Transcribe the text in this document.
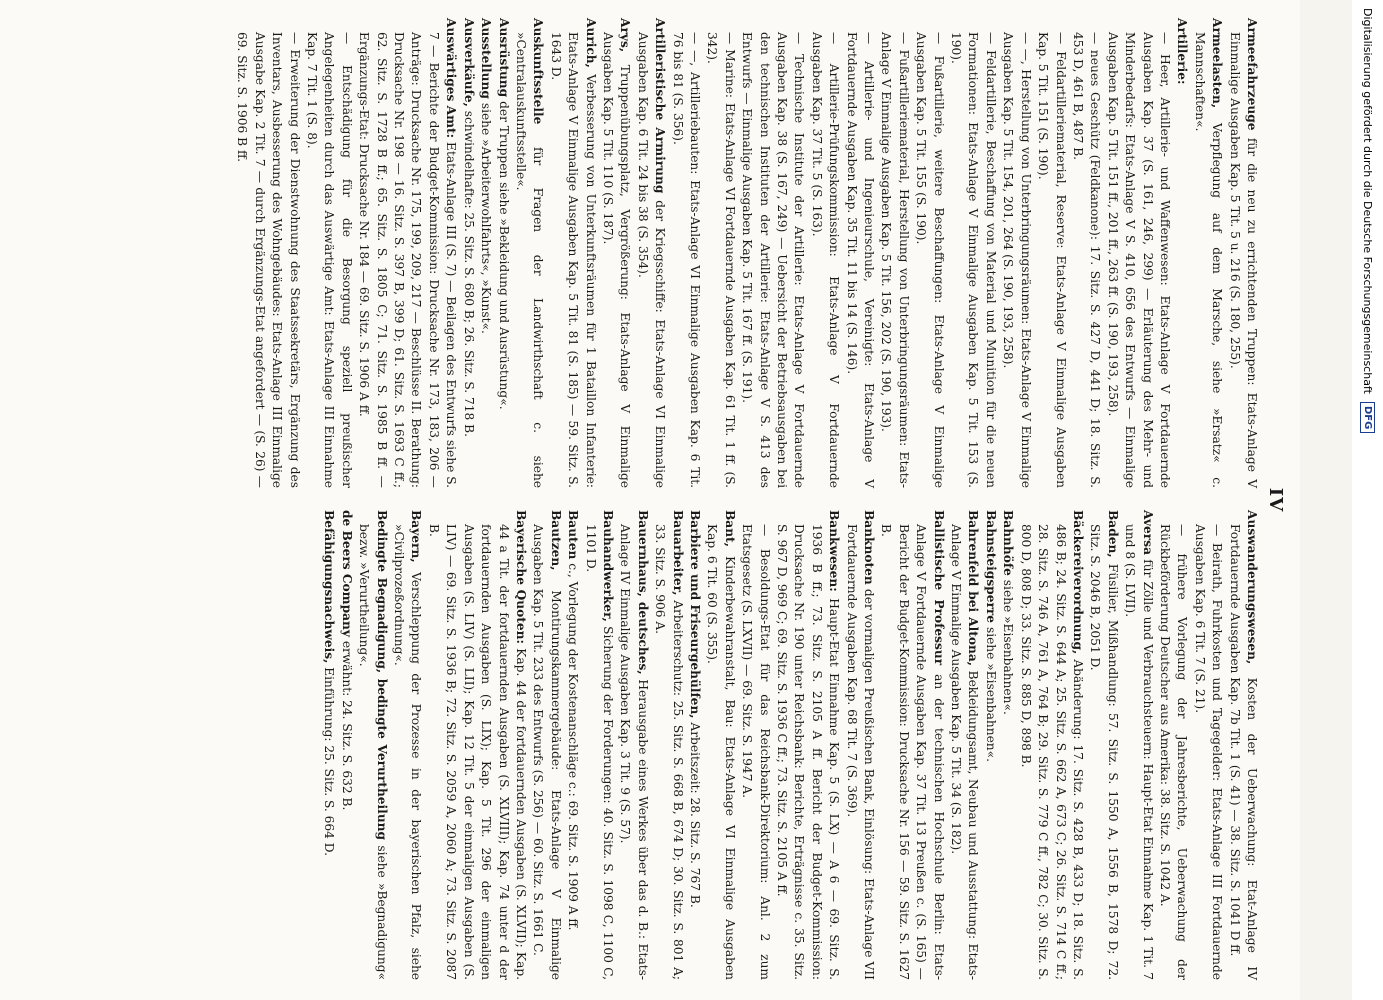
IV

Armeefahrzeuge für die neu zu errichtenden Truppen: Etats-Anlage V Einmalige Ausgaben Kap. 5 Tit. 5 u. 216 (S. 180, 255).

Armeelasten, Verpflegung auf dem Marsche, siehe »Ersatz« c. Mannschaften«.

Artillerie:

— Heer, Artillerie- und Waffenwesen: Etats-Anlage V Fortdauernde Ausgaben Kap. 37 (S. 161, 246, 299) — Erläuterung des Mehr- und Minderbedarfs: Etats-Anlage V S. 410, 656 des Entwurfs — Einmalige Ausgaben Kap. 5 Tit. 151 ff., 201 ff., 263 ff. (S. 190, 193, 258).

— neues Geschütz (Feldkanone): 17. Sitz. S. 427 D, 441 D; 18. Sitz. S. 453 D, 461 B, 487 B.

— Feldartilleriematerial, Reserve: Etats-Anlage V Einmalige Ausgaben Kap. 5 Tit. 151 (S. 190).

— —, Herstellung von Unterbringungsräumen: Etats-Anlage V Einmalige Ausgaben Kap. 5 Tit. 154, 201, 264 (S. 190, 193, 258).

— Feldartillerie, Beschaffung von Material und Munition für die neuen Formationen: Etats-Anlage V Einmalige Ausgaben Kap. 5 Tit. 153 (S. 190).

— Fußartillerie, weitere Beschaffungen: Etats-Anlage V Einmalige Ausgaben Kap. 5 Tit. 155 (S. 190).

— Fußartilleriematerial, Herstellung von Unterbringungsräumen: Etats-Anlage V Einmalige Ausgaben Kap. 5 Tit. 156, 202 (S. 190, 193).

— Artillerie- und Ingenieurschule, Vereinigte: Etats-Anlage V Fortdauernde Ausgaben Kap. 35 Tit. 11 bis 14 (S. 146).

— Artillerie-Prüfungskommission: Etats-Anlage V Fortdauernde Ausgaben Kap. 37 Tit. 5 (S. 163).

— Technische Institute der Artillerie: Etats-Anlage V Fortdauernde Ausgaben Kap. 38 (S. 167, 249) — Uebersicht der Betriebsausgaben bei den technischen Instituten der Artillerie: Etats-Anlage V S. 413 des Entwurfs — Einmalige Ausgaben Kap. 5 Tit. 167 ff. (S. 191).

— Marine: Etats-Anlage VI Fortdauernde Ausgaben Kap. 61 Tit. 1 ff. (S. 342).

— —, Artilleriebauten: Etats-Anlage VI Einmalige Ausgaben Kap. 6 Tit. 76 bis 81 (S. 356).

Artilleristische Armirung der Kriegsschiffe: Etats-Anlage VI Einmalige Ausgaben Kap. 6 Tit. 24 bis 38 (S. 354).

Arys, Truppenübungsplatz, Vergrößerung: Etats-Anlage V Einmalige Ausgaben Kap. 5 Tit. 110 (S. 187).

Aurich, Verbesserung von Unterkunftsräumen für 1 Bataillon Infanterie: Etats-Anlage V Einmalige Ausgaben Kap. 5 Tit. 81 (S. 185) — 59. Sitz. S. 1643 D.

Auskunftsstelle für Fragen der Landwirthschaft c. siehe »Centralauskunftsstelle«.

Ausrüstung der Truppen siehe »Bekleidung und Ausrüstung«.

Ausstellung siehe »Arbeiterwohlfahrts«, »Kunst«.

Ausverkäufe, schwindelhafte: 25. Sitz. S. 680 B; 26. Sitz. S. 718 B.

Auswärtiges Amt: Etats-Anlage III (S. 7) — Beilagen des Entwurfs siehe S. 7 — Berichte der Budget-Kommission: Drucksache Nr. 173, 183, 206 — Anträge: Drucksache Nr. 175, 199, 209, 217 — Beschlüsse II. Berathung: Drucksache Nr. 198 — 16. Sitz. S. 397 B, 399 D; 61. Sitz. S. 1693 C ff.; 62. Sitz. S. 1728 B ff.; 65. Sitz. S. 1805 C; 71. Sitz. S. 1985 B ff. — Ergänzungs-Etat: Drucksache Nr. 184 — 69. Sitz. S. 1906 A ff.

— Entschädigung für die Besorgung speziell preußischer Angelegenheiten durch das Auswärtige Amt: Etats-Anlage III Einnahme Kap. 7 Tit. 1 (S. 8).

— Erweiterung der Dienstwohnung des Staatssekretärs, Ergänzung des Inventars, Ausbesserung des Wohngebäudes: Etats-Anlage III Einmalige Ausgabe Kap. 2 Tit. 7 — durch Ergänzungs-Etat angefordert — (S. 26) — 69. Sitz. S. 1906 B ff.

Auswanderungswesen, Kosten der Ueberwachung: Etat-Anlage IV Fortdauernde Ausgaben Kap. 7b Tit. 1 (S. 41) — 38. Sitz. S. 1041 D ff.

— Beirath, Fuhrkosten und Tagegelder: Etats-Anlage III Fortdauernde Ausgaben Kap. 6 Tit. 7 (S. 21).

— frühere Vorlegung der Jahresberichte, Ueberwachung der Rückbeförderung Deutscher aus Amerika: 38. Sitz. S. 1042 A.

Aversa für Zölle und Verbrauchsteuern: Haupt-Etat Einnahme Kap. 1 Tit. 7 und 8 (S. LVII).

Baden, Füsilier, Mißhandlung: 57. Sitz. S. 1550 A, 1556 B, 1578 D; 72. Sitz. S. 2046 B, 2051 D.

Bäckereiverordnung, Abänderung: 17. Sitz. S. 428 B, 433 D; 18. Sitz. S. 486 B; 24. Sitz. S. 644 A; 25. Sitz. S. 662 A, 673 C; 26. Sitz. S. 714 C ff.; 28. Sitz. S. 746 A, 761 A, 764 B; 29. Sitz. S. 779 C ff., 782 C; 30. Sitz. S. 800 D, 808 D; 33. Sitz. S. 885 D, 898 B.

Bahnhöfe siehe »Eisenbahnen«.

Bahnsteigsperre siehe »Eisenbahnen«.

Bahrenfeld bei Altona, Bekleidungsamt, Neubau und Ausstattung: Etats-Anlage V Einmalige Ausgaben Kap. 5 Tit. 34 (S. 182).

Ballistische Professur an der technischen Hochschule Berlin: Etats-Anlage V Fortdauernde Ausgaben Kap. 37 Tit. 13 Preußen c. (S. 165) — Bericht der Budget-Kommission: Drucksache Nr. 156 — 59. Sitz. S. 1627 B.

Banknoten der vormaligen Preußischen Bank, Einlösung: Etats-Anlage VII Fortdauernde Ausgaben Kap. 68 Tit. 7 (S. 369).

Bankwesen: Haupt-Etat Einnahme Kap. 5 (S. LX) — A 6 — 69. Sitz. S. 1936 B ff.; 73. Sitz. S. 2105 A ff. Bericht der Budget-Kommission: Drucksache Nr. 190 unter Reichsbank: Berichte, Erträgnisse c. 35. Sitz. S. 967 D, 969 C; 69. Sitz. S. 1936 C ff.; 73. Sitz. S. 2105 A ff.

— Besoldungs-Etat für das Reichsbank-Direktorium: Anl. 2 zum Etatsgesetz (S. LXVII) — 69. Sitz. S. 1947 A.

Bant, Kinderbewahranstalt, Bau: Etats-Anlage VI Einmalige Ausgaben Kap. 6 Tit. 60 (S. 355).

Barbiere und Friseurgehülfen, Arbeitszeit: 28. Sitz. S. 767 B.

Bauarbeiter, Arbeiterschutz: 25. Sitz. S. 668 B, 674 D; 30. Sitz. S. 801 A; 33. Sitz. S. 906 A.

Bauernhaus, deutsches, Herausgabe eines Werkes über das d. B.: Etats-Anlage IV Einmalige Ausgaben Kap. 3 Tit. 9 (S. 57).

Bauhandwerker, Sicherung der Forderungen: 40. Sitz. S. 1098 C, 1100 C, 1101 D.

Bauten c., Vorlegung der Kostenanschläge c.: 69. Sitz. S. 1909 A ff.

Bautzen, Montirungskammergebäude: Etats-Anlage V Einmalige Ausgaben Kap. 5 Tit. 233 des Entwurfs (S. 256) — 60. Sitz. S. 1661 C.

Bayerische Quoten: Kap. 44 der fortdauernden Ausgaben (S. XLVII); Kap. 44 a Tit. der fortdauernden Ausgaben (S. XLVIII); Kap. 74 unter d der fortdauernden Ausgaben (S. LIX); Kap. 5 Tit. 296 der einmaligen Ausgaben (S. LIV) (S. LII); Kap. 12 Tit. 5 der einmaligen Ausgaben (S. LIV) — 69. Sitz. S. 1936 B; 72. Sitz. S. 2059 A, 2060 A; 73. Sitz. S. 2087 B.

Bayern, Verschleppung der Prozesse in der bayerischen Pfalz, siehe »Civilprozeßordnung«.

Bedingte Begnadigung, bedingte Verurtheilung siehe »Begnadigung« bezw. »Verurtheilung«.

de Beers Company erwähnt: 24. Sitz. S. 632 B.

Befähigungsnachweis, Einführung: 25. Sitz. S. 664 D.

Digitalisierung gefördert durch die Deutsche Forschungsgemeinschaft
DFG
